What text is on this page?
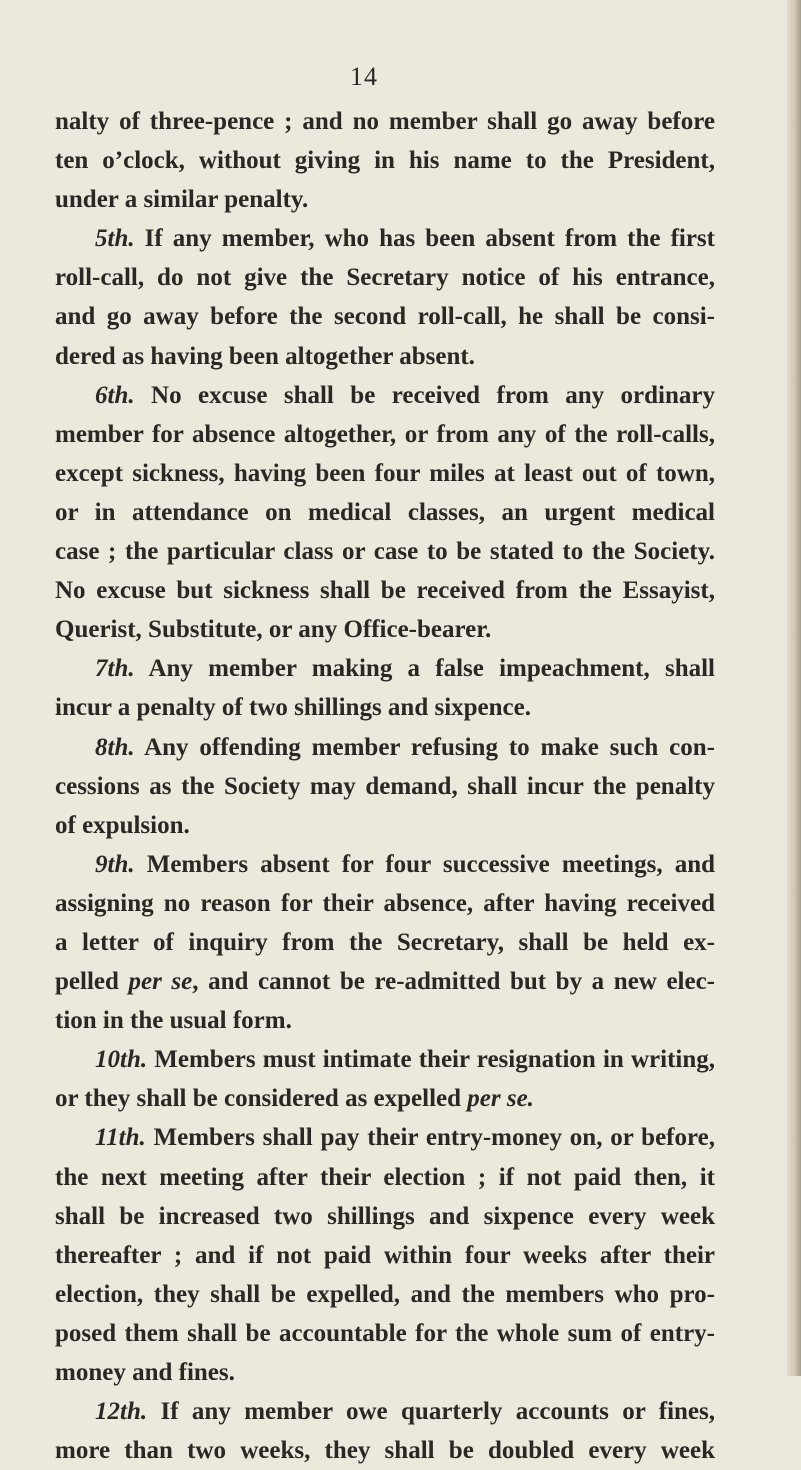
14
nalty of three-pence ; and no member shall go away before
ten o’clock, without giving in his name to the President,
under a similar penalty.
5th. If any member, who has been absent from the first
roll-call, do not give the Secretary notice of his entrance,
and go away before the second roll-call, he shall be consi-
dered as having been altogether absent.
6th. No excuse shall be received from any ordinary
member for absence altogether, or from any of the roll-calls,
except sickness, having been four miles at least out of town,
or in attendance on medical classes, an urgent medical
case ; the particular class or case to be stated to the Society.
No excuse but sickness shall be received from the Essayist,
Querist, Substitute, or any Office-bearer.
7th. Any member making a false impeachment, shall
incur a penalty of two shillings and sixpence.
8th. Any offending member refusing to make such con-
cessions as the Society may demand, shall incur the penalty
of expulsion.
9th. Members absent for four successive meetings, and
assigning no reason for their absence, after having received
a letter of inquiry from the Secretary, shall be held ex-
pelled per se, and cannot be re-admitted but by a new elec-
tion in the usual form.
10th. Members must intimate their resignation in writing,
or they shall be considered as expelled per se.
11th. Members shall pay their entry-money on, or before,
the next meeting after their election ; if not paid then, it
shall be increased two shillings and sixpence every week
thereafter ; and if not paid within four weeks after their
election, they shall be expelled, and the members who pro-
posed them shall be accountable for the whole sum of entry-
money and fines.
12th. If any member owe quarterly accounts or fines,
more than two weeks, they shall be doubled every week
